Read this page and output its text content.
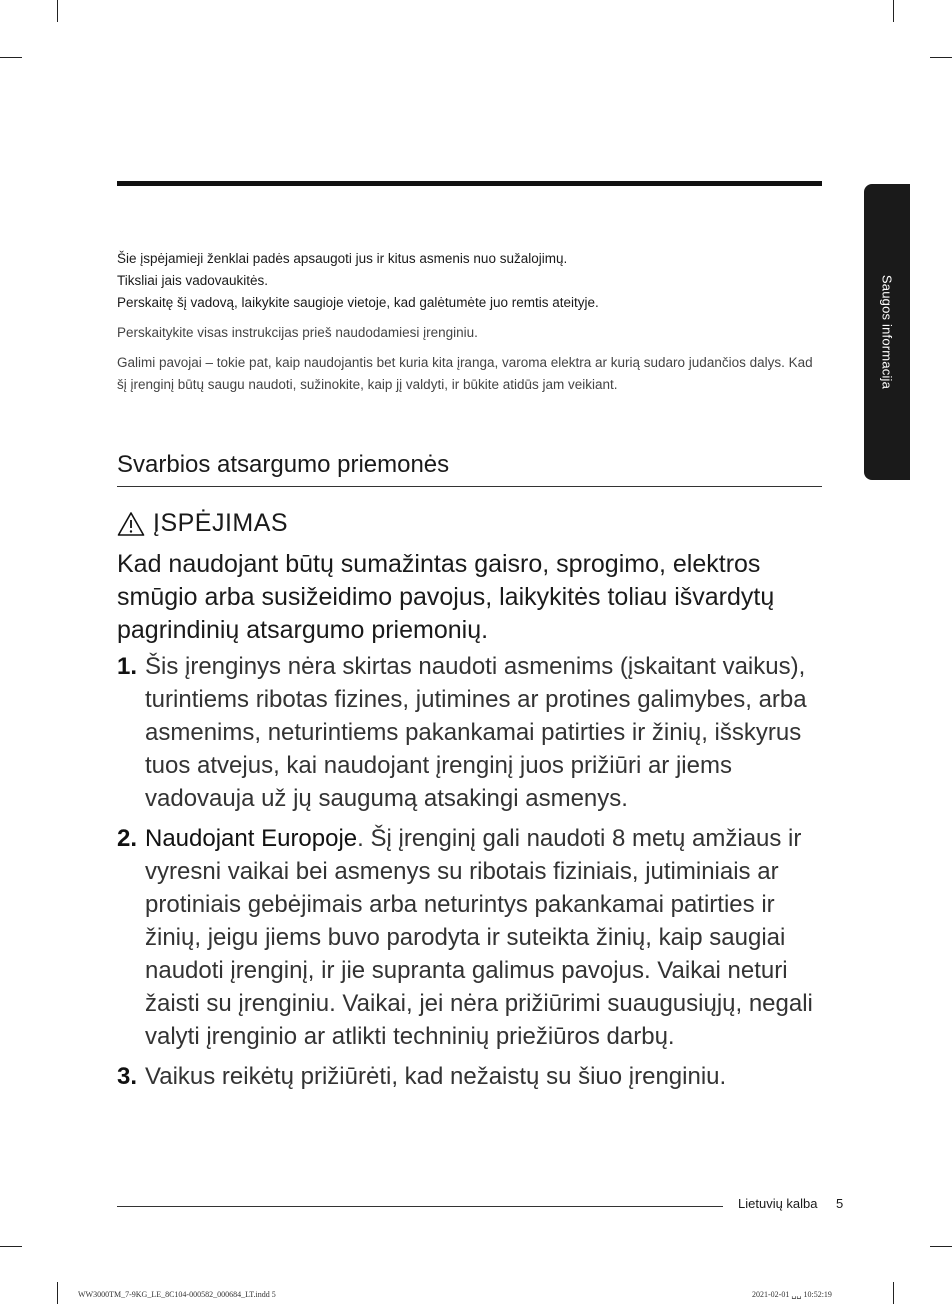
Saugos informacija

Šie įspėjamieji ženklai padės apsaugoti jus ir kitus asmenis nuo sužalojimų.

Tiksliai jais vadovaukitės.

Perskaitę šį vadovą, laikykite saugioje vietoje, kad galėtumėte juo remtis ateityje.

Perskaitykite visas instrukcijas prieš naudodamiesi įrenginiu.

Galimi pavojai – tokie pat, kaip naudojantis bet kuria kita įranga, varoma elektra ar kurią sudaro judančios dalys. Kad šį įrenginį būtų saugu naudoti, sužinokite, kaip jį valdyti, ir būkite atidūs jam veikiant.

Svarbios atsargumo priemonės
ĮSPĖJIMAS

Kad naudojant būtų sumažintas gaisro, sprogimo, elektros smūgio arba susižeidimo pavojus, laikykitės toliau išvardytų pagrindinių atsargumo priemonių.

1. Šis įrenginys nėra skirtas naudoti asmenims (įskaitant vaikus), turintiems ribotas fizines, jutimines ar protines galimybes, arba asmenims, neturintiems pakankamai patirties ir žinių, išskyrus tuos atvejus, kai naudojant įrenginį juos prižiūri ar jiems vadovauja už jų saugumą atsakingi asmenys.
2. Naudojant Europoje. Šį įrenginį gali naudoti 8 metų amžiaus ir vyresni vaikai bei asmenys su ribotais fiziniais, jutiminiais ar protiniais gebėjimais arba neturintys pakankamai patirties ir žinių, jeigu jiems buvo parodyta ir suteikta žinių, kaip saugiai naudoti įrenginį, ir jie supranta galimus pavojus. Vaikai neturi žaisti su įrenginiu. Vaikai, jei nėra prižiūrimi suaugusiųjų, negali valyti įrenginio ar atlikti techninių priežiūros darbų.
3. Vaikus reikėtų prižiūrėti, kad nežaistų su šiuo įrenginiu.
Lietuvių kalba 5
WW3000TM_7-9KG_LE_8C104-000582_000684_LT.indd 5	2021-02-01 ␣␣ 10:52:19
